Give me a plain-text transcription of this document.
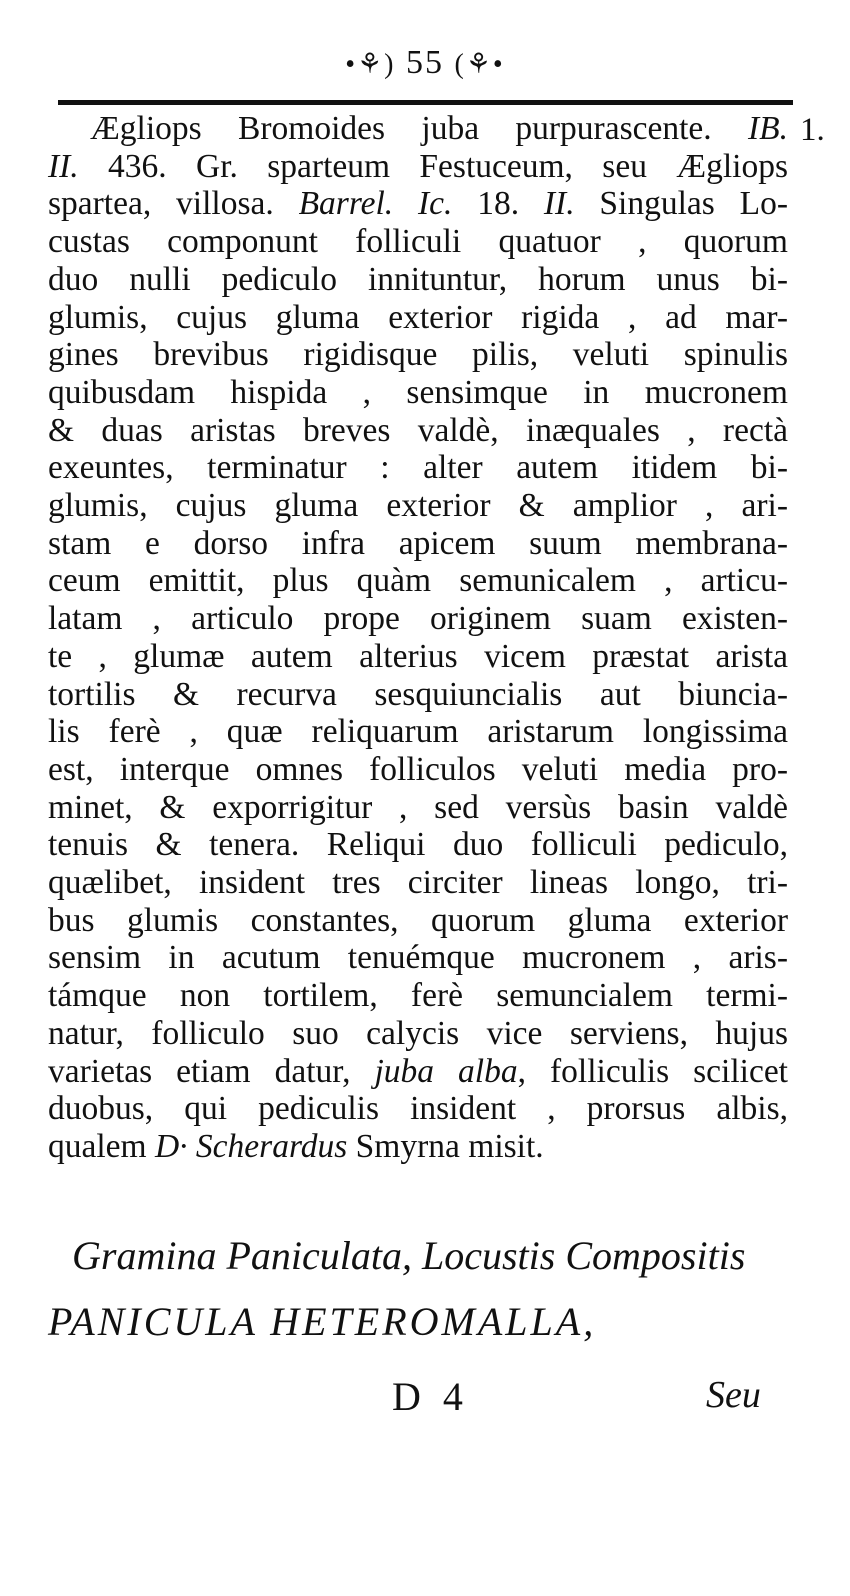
•⚘) 55 (⚘•
1.
Ægliops Bromoides juba purpurascente. IB.
II. 436. Gr. sparteum Festuceum, seu Ægliops
spartea, villosa. Barrel. Ic. 18. II. Singulas Lo-
custas componunt folliculi quatuor , quorum
duo nulli pediculo innituntur, horum unus bi-
glumis, cujus gluma exterior rigida , ad mar-
gines brevibus rigidisque pilis, veluti spinulis
quibusdam hispida , sensimque in mucronem
& duas aristas breves valdè, inæquales , rectà
exeuntes, terminatur : alter autem itidem bi-
glumis, cujus gluma exterior & amplior , ari-
stam e dorso infra apicem suum membrana-
ceum emittit, plus quàm semunicalem , articu-
latam , articulo prope originem suam existen-
te , glumæ autem alterius vicem præstat arista
tortilis & recurva sesquiuncialis aut biuncia-
lis ferè , quæ reliquarum aristarum longissima
est, interque omnes folliculos veluti media pro-
minet, & exporrigitur , sed versùs basin valdè
tenuis & tenera. Reliqui duo folliculi pediculo,
quælibet, insident tres circiter lineas longo, tri-
bus glumis constantes, quorum gluma exterior
sensim in acutum tenuémque mucronem , aris-
támque non tortilem, ferè semuncialem termi-
natur, folliculo suo calycis vice serviens, hujus
varietas etiam datur, juba alba, folliculis scilicet
duobus, qui pediculis insident , prorsus albis,
qualem D· Scherardus Smyrna misit.
Gramina Paniculata, Locustis Compositis
PANICULA HETEROMALLA,
D 4	Seu
